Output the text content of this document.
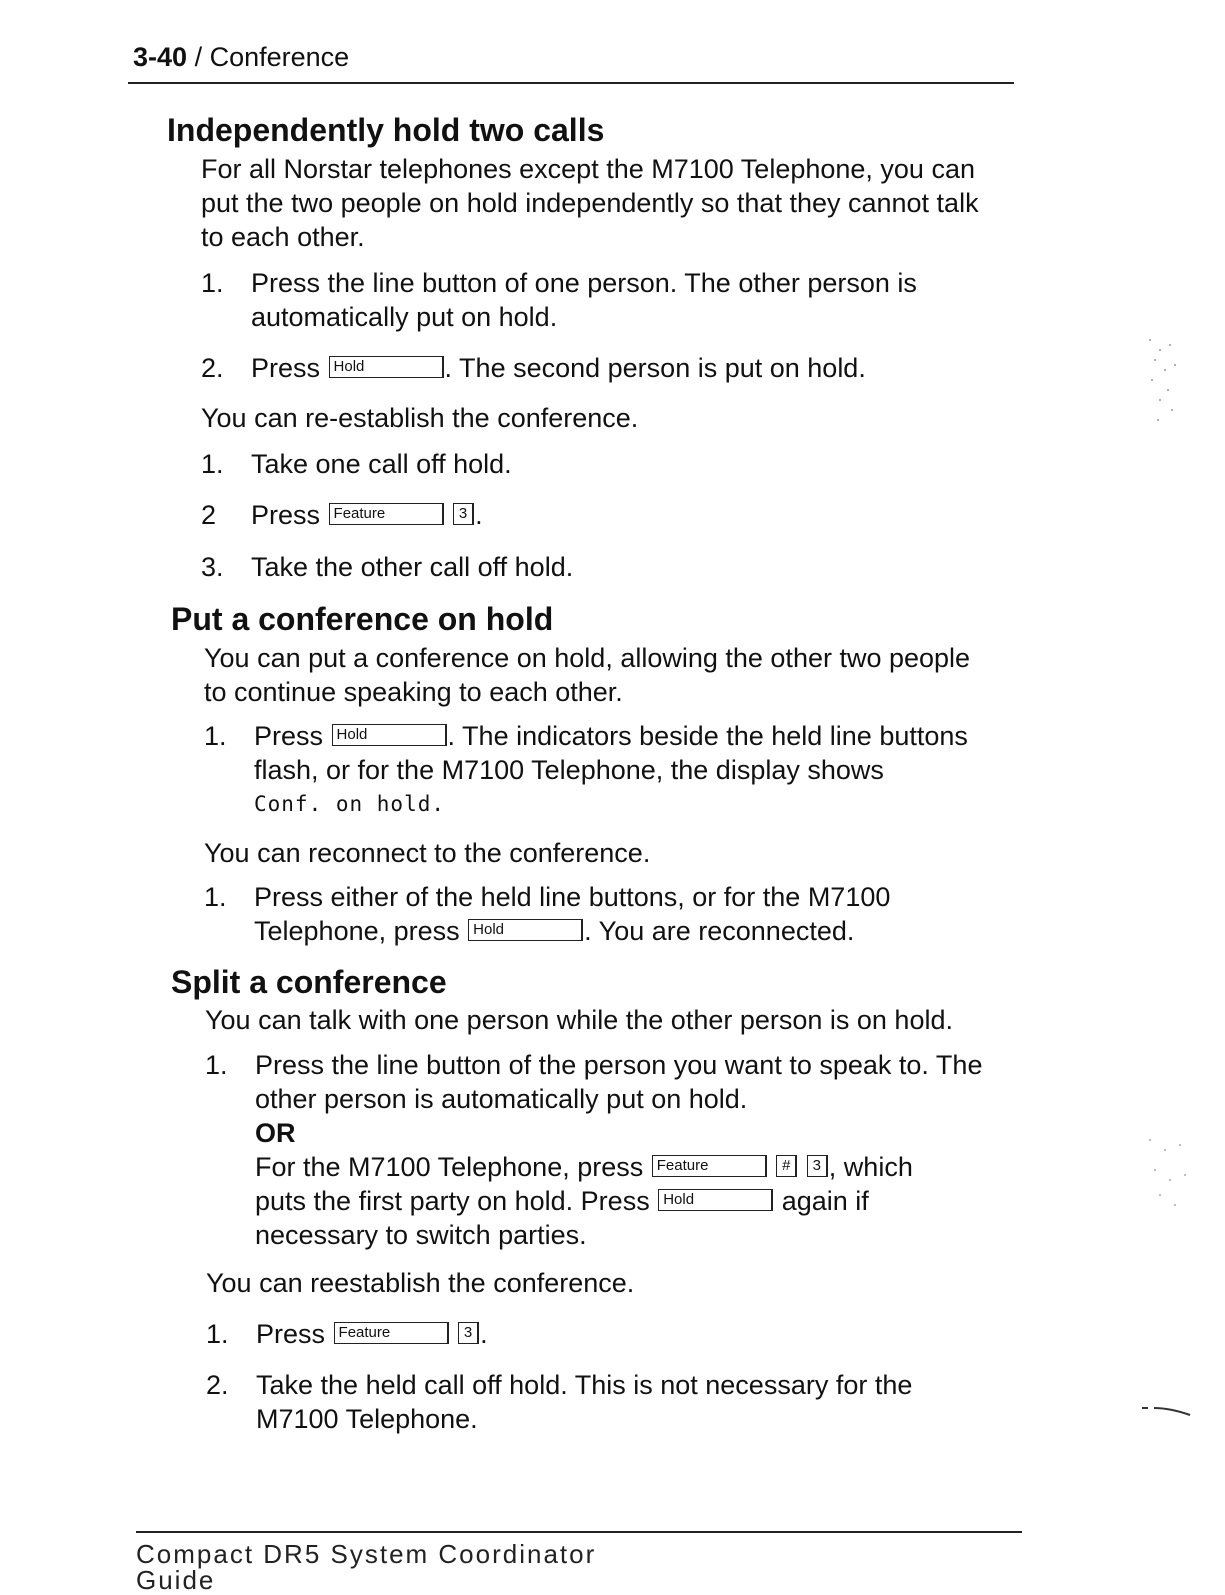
3-40 / Conference
Independently hold two calls
For all Norstar telephones except the M7100 Telephone, you can
put the two people on hold independently so that they cannot talk
to each other.
1. Press the line button of one person. The other person is
automatically put on hold.
2. Press Hold	. The second person is put on hold.
You can re-establish the conference.
1. Take one call off hold.
2 Press Feature	3 .
3. Take the other call off hold.
Put a conference on hold
You can put a conference on hold, allowing the other two people
to continue speaking to each other.
1. Press Hold	. The indicators beside the held line buttons
flash, or for the M7100 Telephone, the display shows
Conf. on hold.
You can reconnect to the conference.
1. Press either of the held line buttons, or for the M7100
Telephone, press Hold	. You are reconnected.
Split a conference
You can talk with one person while the other person is on hold.
1. Press the line button of the person you want to speak to. The
other person is automatically put on hold.
OR
For the M7100 Telephone, press Feature	# 3 , which
puts the first party on hold. Press Hold	again if
necessary to switch parties.
You can reestablish the conference.
1. Press Feature	3 .
2. Take the held call off hold. This is not necessary for the
M7100 Telephone.
Compact DR5 System Coordinator Guide
